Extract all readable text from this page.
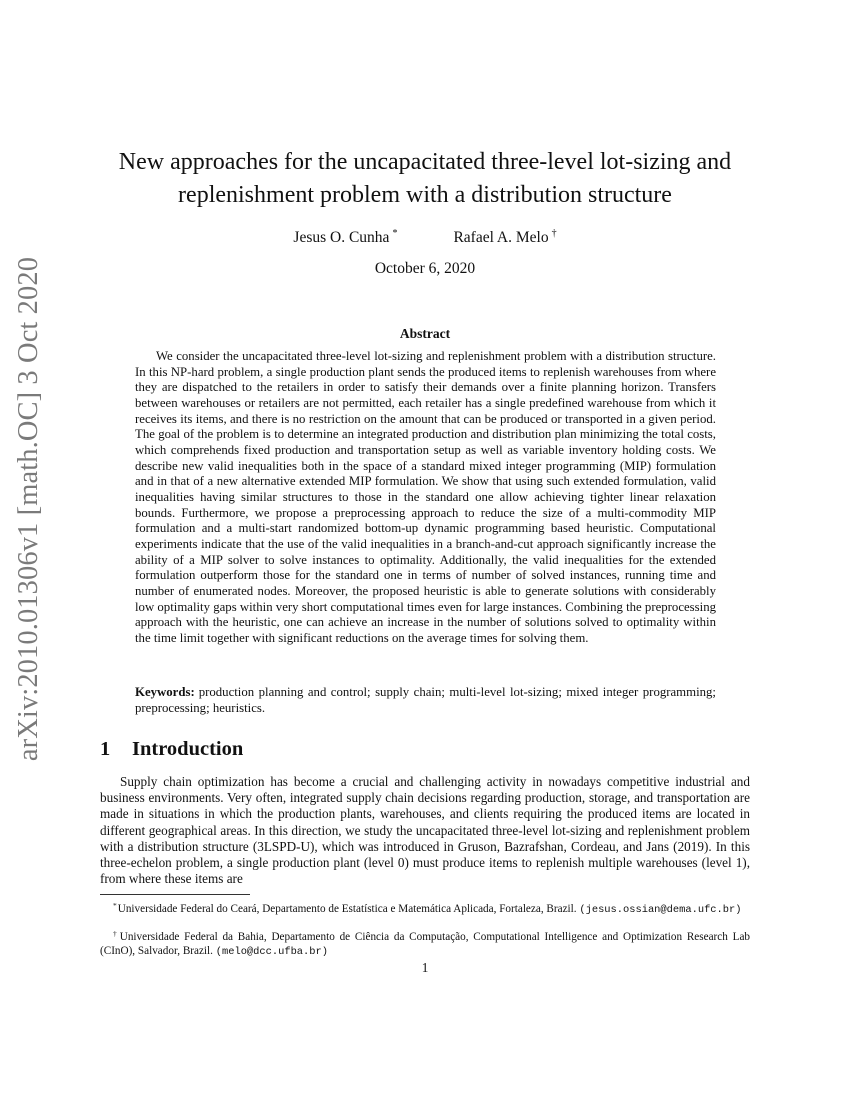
arXiv:2010.01306v1 [math.OC] 3 Oct 2020
New approaches for the uncapacitated three-level lot-sizing and replenishment problem with a distribution structure
Jesus O. Cunha *	Rafael A. Melo †
October 6, 2020
Abstract

We consider the uncapacitated three-level lot-sizing and replenishment problem with a distribution structure. In this NP-hard problem, a single production plant sends the produced items to replenish warehouses from where they are dispatched to the retailers in order to satisfy their demands over a finite planning horizon. Transfers between warehouses or retailers are not permitted, each retailer has a single predefined warehouse from which it receives its items, and there is no restriction on the amount that can be produced or transported in a given period. The goal of the problem is to determine an integrated production and distribution plan minimizing the total costs, which comprehends fixed production and transportation setup as well as variable inventory holding costs. We describe new valid inequalities both in the space of a standard mixed integer programming (MIP) formulation and in that of a new alternative extended MIP formulation. We show that using such extended formulation, valid inequalities having similar structures to those in the standard one allow achieving tighter linear relaxation bounds. Furthermore, we propose a preprocessing approach to reduce the size of a multi-commodity MIP formulation and a multi-start randomized bottom-up dynamic programming based heuristic. Computational experiments indicate that the use of the valid inequalities in a branch-and-cut approach significantly increase the ability of a MIP solver to solve instances to optimality. Additionally, the valid inequalities for the extended formulation outperform those for the standard one in terms of number of solved instances, running time and number of enumerated nodes. Moreover, the proposed heuristic is able to generate solutions with considerably low optimality gaps within very short computational times even for large instances. Combining the preprocessing approach with the heuristic, one can achieve an increase in the number of solutions solved to optimality within the time limit together with significant reductions on the average times for solving them.

Keywords: production planning and control; supply chain; multi-level lot-sizing; mixed integer programming; preprocessing; heuristics.

1 Introduction

Supply chain optimization has become a crucial and challenging activity in nowadays competitive industrial and business environments. Very often, integrated supply chain decisions regarding production, storage, and transportation are made in situations in which the production plants, warehouses, and clients requiring the produced items are located in different geographical areas. In this direction, we study the uncapacitated three-level lot-sizing and replenishment problem with a distribution structure (3LSPD-U), which was introduced in Gruson, Bazrafshan, Cordeau, and Jans (2019). In this three-echelon problem, a single production plant (level 0) must produce items to replenish multiple warehouses (level 1), from where these items are

*Universidade Federal do Ceará, Departamento de Estatística e Matemática Aplicada, Fortaleza, Brazil. (jesus.ossian@dema.ufc.br)

†Universidade Federal da Bahia, Departamento de Ciência da Computação, Computational Intelligence and Optimization Research Lab (CInO), Salvador, Brazil. (melo@dcc.ufba.br)

1
